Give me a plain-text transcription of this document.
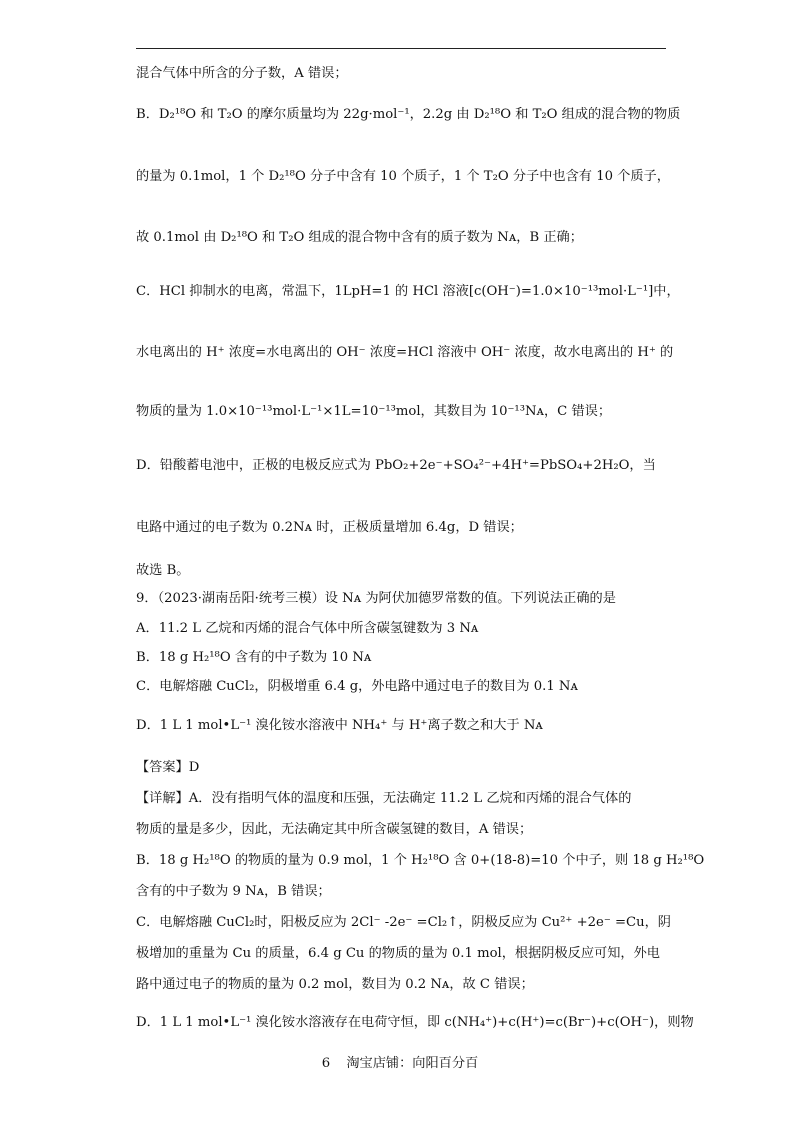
混合气体中所含的分子数，A 错误；
B．D₂¹⁸O 和 T₂O 的摩尔质量均为 22g·mol⁻¹，2.2g 由 D₂¹⁸O 和 T₂O 组成的混合物的物质
的量为 0.1mol，1 个 D₂¹⁸O 分子中含有 10 个质子，1 个 T₂O 分子中也含有 10 个质子，
故 0.1mol 由 D₂¹⁸O 和 T₂O 组成的混合物中含有的质子数为 Nᴀ，B 正确；
C．HCl 抑制水的电离，常温下，1LpH=1 的 HCl 溶液[c(OH⁻)=1.0×10⁻¹³mol·L⁻¹]中，
水电离出的 H⁺ 浓度=水电离出的 OH⁻ 浓度=HCl 溶液中 OH⁻ 浓度，故水电离出的 H⁺ 的
物质的量为 1.0×10⁻¹³mol·L⁻¹×1L=10⁻¹³mol，其数目为 10⁻¹³Nᴀ，C 错误；
D．铅酸蓄电池中，正极的电极反应式为 PbO₂+2e⁻+SO₄²⁻+4H⁺=PbSO₄+2H₂O，当
电路中通过的电子数为 0.2Nᴀ 时，正极质量增加 6.4g，D 错误；
故选 B。
9．（2023·湖南岳阳·统考三模）设 Nᴀ 为阿伏加德罗常数的值。下列说法正确的是
A．11.2 L 乙烷和丙烯的混合气体中所含碳氢键数为 3 Nᴀ
B．18 g H₂¹⁸O 含有的中子数为 10 Nᴀ
C．电解熔融 CuCl₂，阴极增重 6.4 g，外电路中通过电子的数目为 0.1 Nᴀ
D．1 L 1 mol•L⁻¹ 溴化铵水溶液中 NH₄⁺ 与 H⁺离子数之和大于 Nᴀ
【答案】D
【详解】A．没有指明气体的温度和压强，无法确定 11.2 L 乙烷和丙烯的混合气体的
物质的量是多少，因此，无法确定其中所含碳氢键的数目，A 错误；
B．18 g H₂¹⁸O 的物质的量为 0.9 mol，1 个 H₂¹⁸O 含 0+(18-8)=10 个中子，则 18 g H₂¹⁸O
含有的中子数为 9 Nᴀ，B 错误；
C．电解熔融 CuCl₂时，阳极反应为 2Cl⁻ -2e⁻ =Cl₂↑，阴极反应为 Cu²⁺ +2e⁻ =Cu，阴
极增加的重量为 Cu 的质量，6.4 g Cu 的物质的量为 0.1 mol，根据阴极反应可知，外电
路中通过电子的物质的量为 0.2 mol，数目为 0.2 Nᴀ，故 C 错误；
D．1 L 1 mol•L⁻¹ 溴化铵水溶液存在电荷守恒，即 c(NH₄⁺)+c(H⁺)=c(Br⁻)+c(OH⁻)，则物
6 淘宝店铺：向阳百分百
